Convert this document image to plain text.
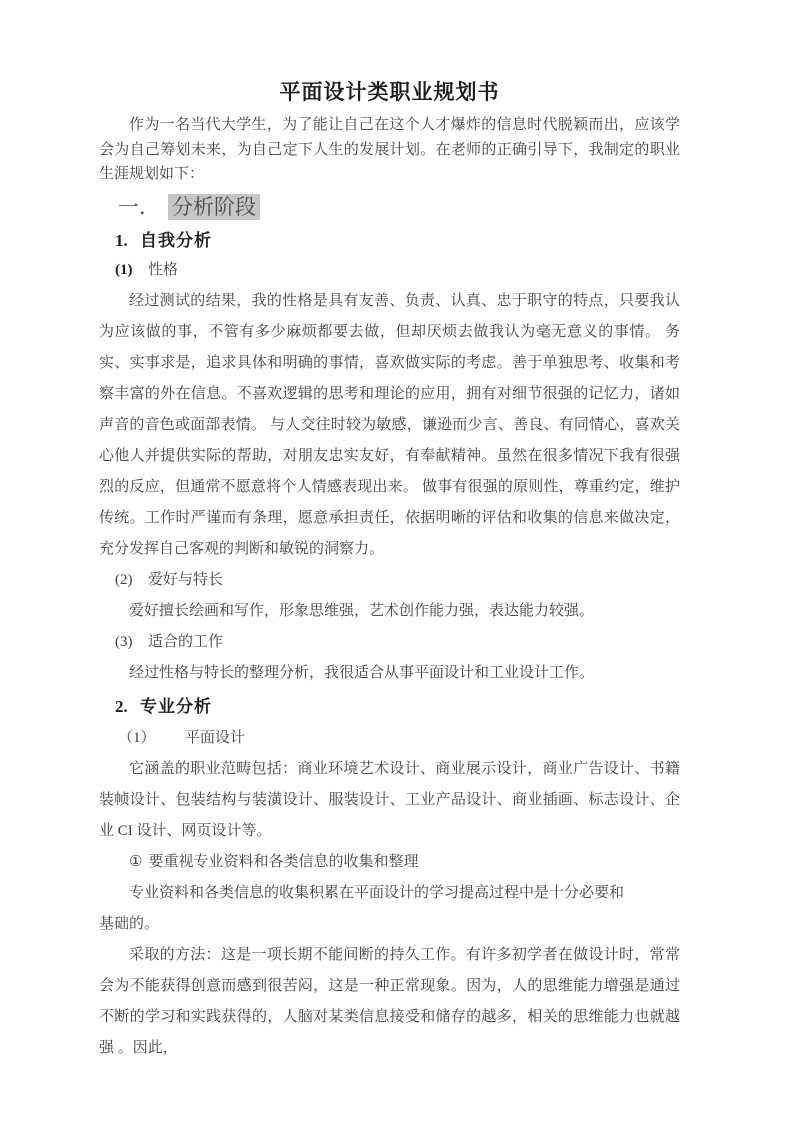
平面设计类职业规划书
作为一名当代大学生，为了能让自己在这个人才爆炸的信息时代脱颖而出，应该学会为自己筹划未来，为自己定下人生的发展计划。在老师的正确引导下，我制定的职业生涯规划如下：
一． 分析阶段
1. 自我分析
(1) 性格
经过测试的结果，我的性格是具有友善、负责、认真、忠于职守的特点，只要我认为应该做的事，不管有多少麻烦都要去做，但却厌烦去做我认为毫无意义的事情。 务实、实事求是，追求具体和明确的事情，喜欢做实际的考虑。善于单独思考、收集和考察丰富的外在信息。不喜欢逻辑的思考和理论的应用，拥有对细节很强的记忆力，诸如声音的音色或面部表情。 与人交往时较为敏感，谦逊而少言、善良、有同情心，喜欢关心他人并提供实际的帮助，对朋友忠实友好，有奉献精神。虽然在很多情况下我有很强烈的反应，但通常不愿意将个人情感表现出来。 做事有很强的原则性，尊重约定，维护传统。工作时严谨而有条理，愿意承担责任，依据明晰的评估和收集的信息来做决定，充分发挥自己客观的判断和敏锐的洞察力。
(2) 爱好与特长
爱好擅长绘画和写作，形象思维强，艺术创作能力强，表达能力较强。
(3) 适合的工作
经过性格与特长的整理分析，我很适合从事平面设计和工业设计工作。
2. 专业分析
（1） 平面设计
它涵盖的职业范畴包括：商业环境艺术设计、商业展示设计，商业广告设计、书籍装帧设计、包装结构与装潢设计、服装设计、工业产品设计、商业插画、标志设计、企业 CI 设计、网页设计等。
① 要重视专业资料和各类信息的收集和整理
专业资料和各类信息的收集积累在平面设计的学习提高过程中是十分必要和
基础的。
采取的方法：这是一项长期不能间断的持久工作。有许多初学者在做设计时，常常会为不能获得创意而感到很苦闷，这是一种正常现象。因为，人的思维能力增强是通过不断的学习和实践获得的，人脑对某类信息接受和储存的越多，相关的思维能力也就越强 。因此，
